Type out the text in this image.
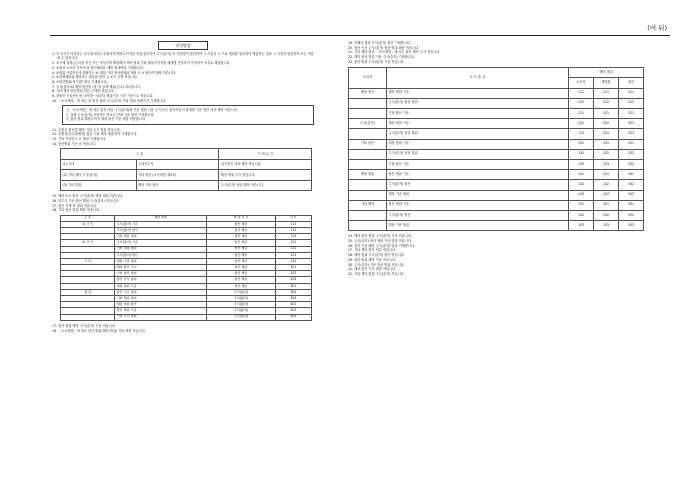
(어 뒤)
작성방법
1. 이 서식은 작성하는 공무원·비치주무원에게 해당수익자를 직접 합산하여 주식(출자) 여 작성하여 합산하여 그 사업자 시 기타 범위를 합산하여 제출하는 것을 그 사업자 합산하여 또는 적용할 수 있습니다.
2. 소득세 결정(신고)을 하는 자는 작성자에 제출해야 하며 범위·기타 해당수익자를 세대별 연결하여 작성하여 서류로 제출합니다.
3. ⑧합산 소득의 기간에 한 합산제외분 제외 합계액을 기재합니다.
4. ⑤범위 사업연도에 해당하는 ⑥ 범위 기타 합산합계와 해당 ⑦ ⑧ 합산액 해당 적습니다.
5. ⑨과세제외와 해당하는 세무와 합산 시 소득 금액 적습니다.
6. ⑩합산범위(당기)를 합산 기재합니다.
7. 주식(출자)와 해당 합산된 (당기) 실제 제출(신고) 처리합니다.
8. 기타 해당 합산범위 ⑫분 금액을 적습니다.
9. ⑬합산 사업연도에 시작하는 날부터 제출기간 기간 기준으로 적습니다.
10. 「소득세법」에 따른 ⑭ 합산 제외 주식(출자) 기타 범위 과세기간 기재합니다.
㉠ 「소득세법」에 따른 합산 대상 주식(출자)와 기타 범위 기준 주식 또는 출자지분의 합계를 기준 합산 대상 해당 적습니다.
㉡ 실제 주식(출자) 사업연도 종료일 현재 기준 합산 기재합니다.
㉢ 합산 범위 해당수익자 세대 합산 기준 제출 적용합니다.
11. ⑮합산 합산을 해당 기타 주식 범위 적습니다.
12. ⑯합산(특수관계인) 합산 기타 해당 제출하여 기재합니다.
13. 기타 사업연도 ⑰ 해당 기재합니다.
14. 합산범위 기준 ⑱ 적습니다.
구 분		기 재 요 건
(1) 국내	국내거주자	내국법인 대상 해당 적습니다.
(2) 기타 해당 주식(출자)	기타 합산 (소득세법 제2조)	해당 범위 주식 적습니다.
(3) 기타 범위	해당 기타 합산	주식(출자) 범위 해당 적습니다.
15. 해당 소득 합산 주식(출자) 해당 범위 적습니다.
16. ⑲주식 기준 합산 해당 주식(출자) 적습니다.
17. 합산 기재 ⑳ 범위 적습니다.
18. 기타 합산 범위 해당 적습니다.
구 분	해당 범위	해 당 사 유	기호
내 국 인	주식(출자) 기준	합산 해당	111
	주식(출자) 합산	합산 해당	112
	기타 해당 범위	합산 해당	113
외 국 인	주식(출자) 기준	합산 해당	121
	기타 해당 범위	합산 해당	122
	주식(출자) 합산	합산 해당	123
기 타	해당 기준 범위	합산 해당	131
	해당 합산 주식	합산 해당	201
	기타 합산 범위	합산 해당	202
	합산 주식 범위	합산 해당	203
	해당 범위 기준	합산 해당	301
해 당	합산 기준 범위	주식(출자)	302
	기타 해당 범위	주식(출자)	303
	해당 범위 합산	주식(출자)	401
	합산 해당 기준	주식(출자)	402
	기타 주식 범위	주식(출자)	403
17. 합산 범위 해당 주식(출자) 기준 적습니다.
18. 「소득세법」에 따른 합산 범위(해당 범위) 기타 해당 적습니다.
19. ⑳해당 범위 주식(출자) 합산 기재합니다.
20. 합산 기준 주식(출자) 합산 범위 해당 적습니다.
21. 기타 해당 범위 「소득세법」에 따른 합산 해당 주식 적습니다.
22. 해당 합산 범위 기준 주식(출자) 기재합니다.
23. 합산 범위 주식(출자) 기준 적습니다.
소득자	소 득 종 류	해당 범위		
		소득자	해당합	합산
해당 합산	해당 범위 기준	111	211	311
	주식(출자) 합산 범위	112	212	312
	기타 합산 기준	121	221	321
주식(출자)	해당 범위 기준	122	222	322
	주식(출자) 합산 범위	123	223	323
기타 합산	해당 범위 기준	131	231	331
	주식(출자) 합산 범위	132	232	332
	기타 합산 기준	133	233	333
해당 범위	합산 범위 기준	141	241	341
	주식(출자) 합산	142	242	342
	해당 기준 범위	143	243	343
기타 해당	합산 범위 기준	151	251	351
	주식(출자) 합산	152	252	352
	해당 기준 범위	153	253	353
24. 해당 합산 범위 주식(출자) 기준 적습니다.
25. 주식(출자) 합산 해당 기타 범위 적습니다.
26. 합산 기준 해당 주식(출자) 범위 기재합니다.
27. 기타 해당 합산 범위 적습니다.
28. 해당 범위 주식(출자) 합산 적습니다.
29. 합산 범위 해당 기준 적습니다.
30. 주식(출자) 기준 합산 범위 적습니다.
31. 해당 합산 기준 범위 적습니다.
32. 기타 해당 범위 주식(출자) 적습니다.
